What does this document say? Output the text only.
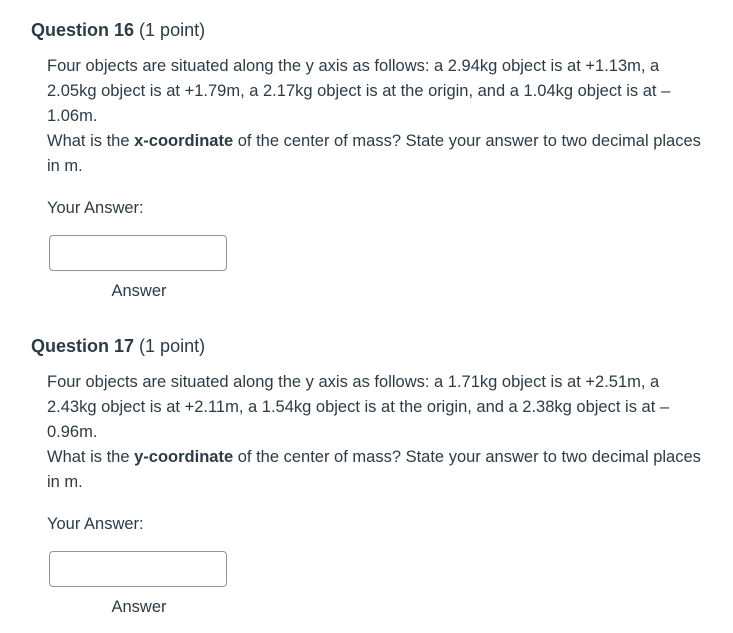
Question 16 (1 point)

Four objects are situated along the y axis as follows: a 2.94kg object is at +1.13m, a 2.05kg object is at +1.79m, a 2.17kg object is at the origin, and a 1.04kg object is at –1.06m.

What is the x-coordinate of the center of mass? State your answer to two decimal places in m.

Your Answer:
Answer
Question 17 (1 point)

Four objects are situated along the y axis as follows: a 1.71kg object is at +2.51m, a 2.43kg object is at +2.11m, a 1.54kg object is at the origin, and a 2.38kg object is at –0.96m.

What is the y-coordinate of the center of mass? State your answer to two decimal places in m.

Your Answer:
Answer
